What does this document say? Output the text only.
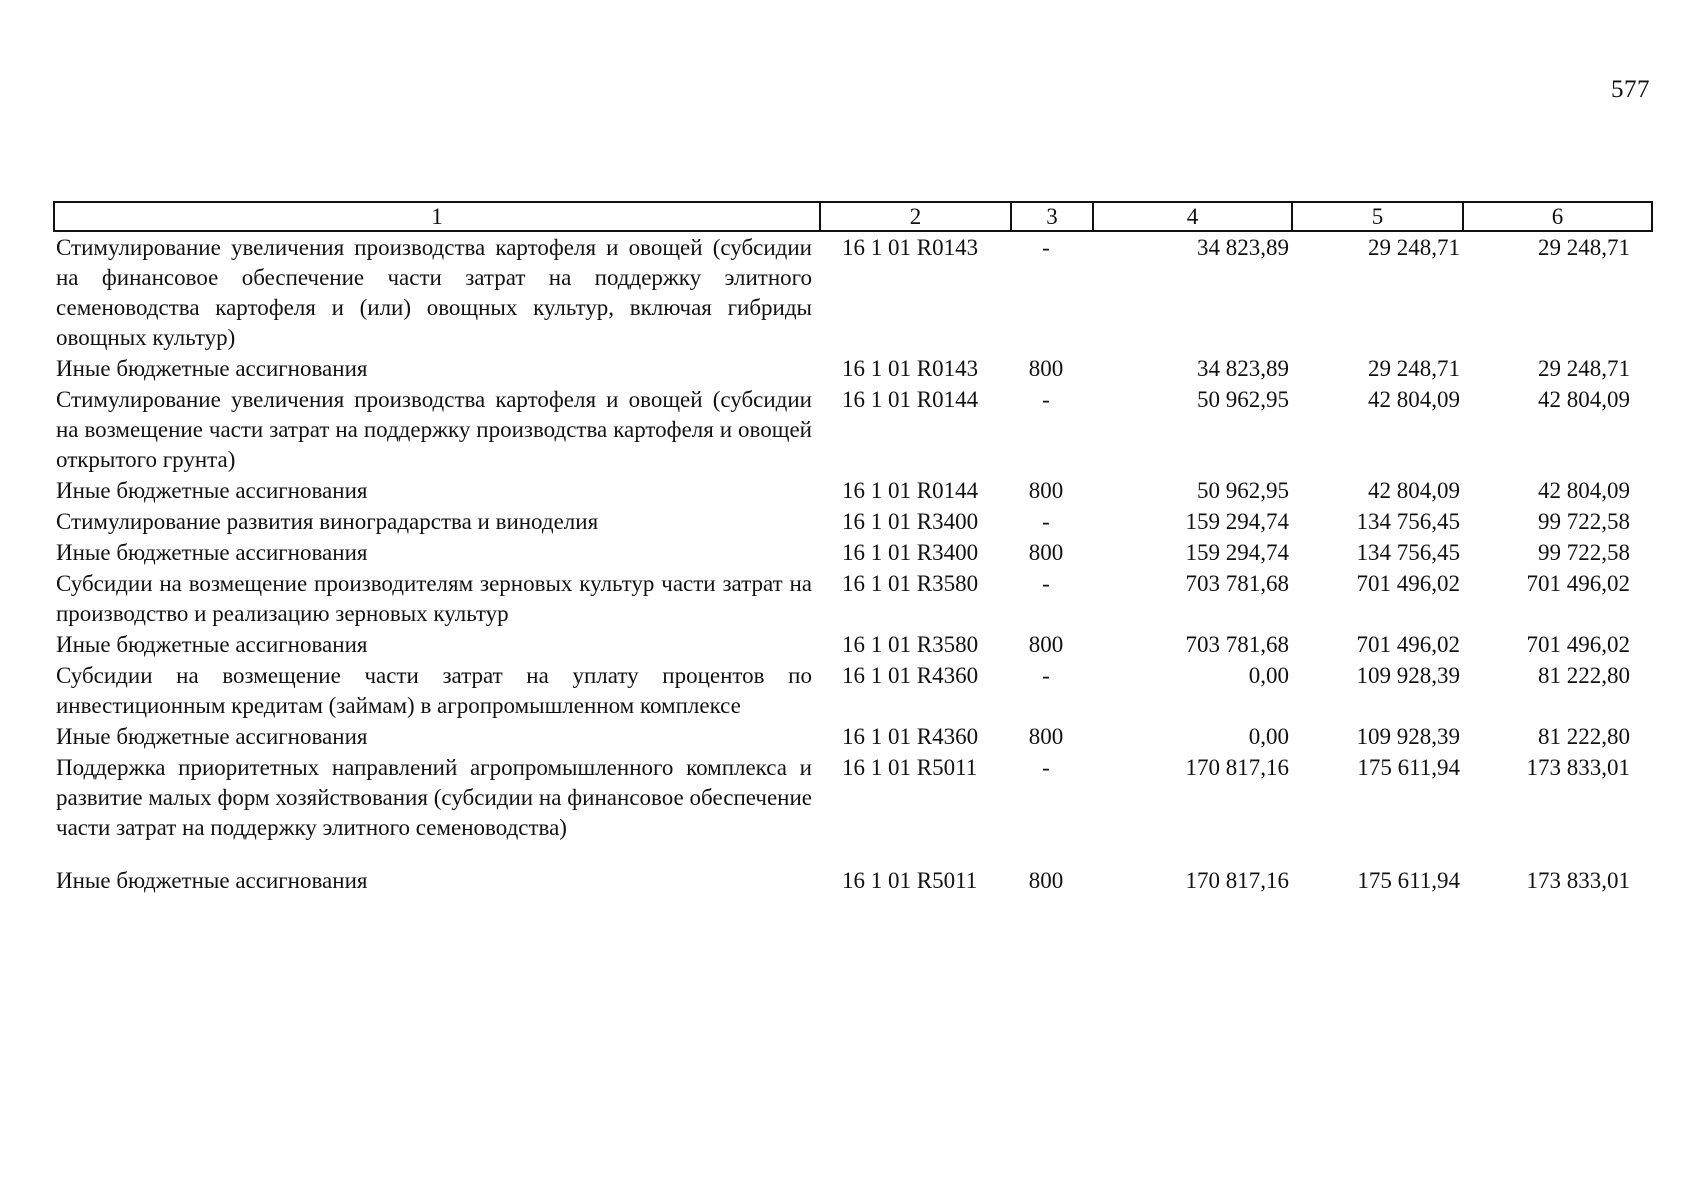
577
1	2	3	4	5	6
Стимулирование увеличения производства картофеля и овощей (субсидии на финансовое обеспечение части затрат на поддержку элитного семеноводства картофеля и (или) овощных культур, включая гибриды овощных культур)	16 1 01 R0143	-	34 823,89	29 248,71	29 248,71
Иные бюджетные ассигнования	16 1 01 R0143	800	34 823,89	29 248,71	29 248,71
Стимулирование увеличения производства картофеля и овощей (субсидии на возмещение части затрат на поддержку производства картофеля и овощей открытого грунта)	16 1 01 R0144	-	50 962,95	42 804,09	42 804,09
Иные бюджетные ассигнования	16 1 01 R0144	800	50 962,95	42 804,09	42 804,09
Стимулирование развития виноградарства и виноделия	16 1 01 R3400	-	159 294,74	134 756,45	99 722,58
Иные бюджетные ассигнования	16 1 01 R3400	800	159 294,74	134 756,45	99 722,58
Субсидии на возмещение производителям зерновых культур части затрат на производство и реализацию зерновых культур	16 1 01 R3580	-	703 781,68	701 496,02	701 496,02
Иные бюджетные ассигнования	16 1 01 R3580	800	703 781,68	701 496,02	701 496,02
Субсидии на возмещение части затрат на уплату процентов по инвестиционным кредитам (займам) в агропромышленном комплексе	16 1 01 R4360	-	0,00	109 928,39	81 222,80
Иные бюджетные ассигнования	16 1 01 R4360	800	0,00	109 928,39	81 222,80
Поддержка приоритетных направлений агропромышленного комплекса и развитие малых форм хозяйствования (субсидии на финансовое обеспечение части затрат на поддержку элитного семеноводства)	16 1 01 R5011	-	170 817,16	175 611,94	173 833,01

Иные бюджетные ассигнования	16 1 01 R5011	800	170 817,16	175 611,94	173 833,01
